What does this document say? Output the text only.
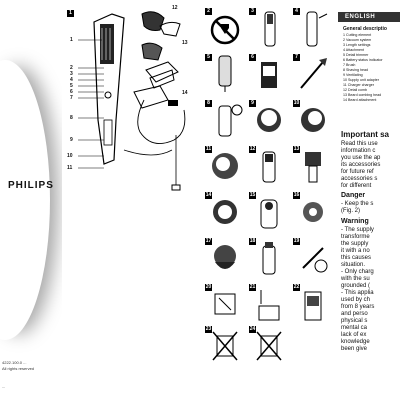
PHILIPS
4222.100.0 ...
All rights reserved
...
1
1
2
3
4
5
6
7
8
9
10
11
12
13
14
2	3	4
5	6	7
8	9	10
11	12	13
14	15	16
17	18	19
20	21	22
23	24
ENGLISH
General descriptio
1 Cutting element
2 Vacuum system
3 Length settings
4 Attachment
5 Detail trimmer
6 Battery status indicator
7 Brush
8 Shaving head
9 Ventilating
10 Supply unit adapter
11 Charger charger
12 Detail comb
13 Beard combing head
14 Beard attachment
Important sa
Read this use
information c
you use the ap
its accessories
for future ref
accessories s
for different
Danger
- Keep the s
(Fig. 2)
Warning
- The supply
transforme
the supply
it with a no
this causes
situation.
- Only charg
with the su
grounded (
- This applia
used by ch
from 8 years
and perso
physical s
mental ca
lack of ex
knowledge
been give
